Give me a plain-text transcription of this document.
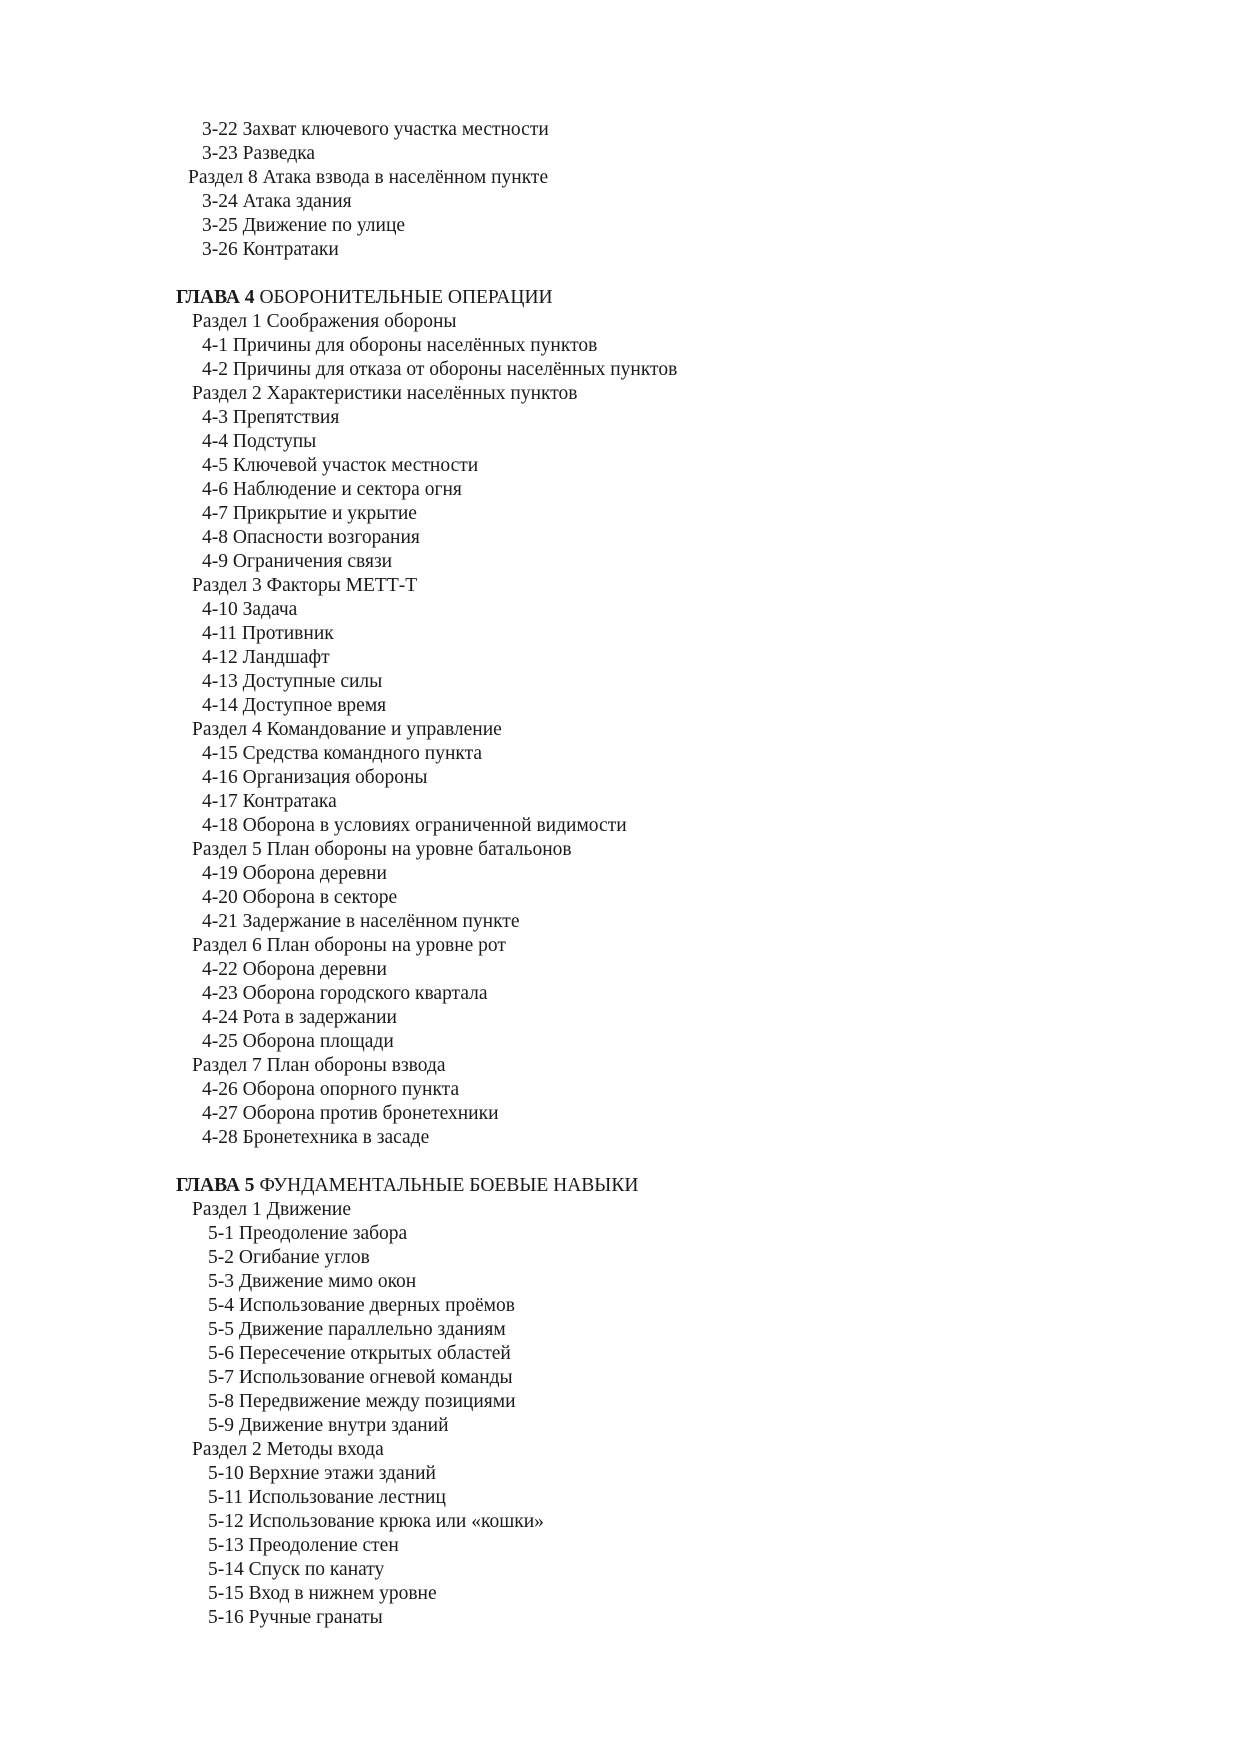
3-22 Захват ключевого участка местности
3-23 Разведка
Раздел 8 Атака взвода в населённом пункте
3-24 Атака здания
3-25 Движение по улице
3-26 Контратаки
ГЛАВА 4 ОБОРОНИТЕЛЬНЫЕ ОПЕРАЦИИ
Раздел 1 Соображения обороны
4-1 Причины для обороны населённых пунктов
4-2 Причины для отказа от обороны населённых пунктов
Раздел 2 Характеристики населённых пунктов
4-3 Препятствия
4-4 Подступы
4-5 Ключевой участок местности
4-6 Наблюдение и сектора огня
4-7 Прикрытие и укрытие
4-8 Опасности возгорания
4-9 Ограничения связи
Раздел 3 Факторы МЕТТ-Т
4-10 Задача
4-11 Противник
4-12 Ландшафт
4-13 Доступные силы
4-14 Доступное время
Раздел 4 Командование и управление
4-15 Средства командного пункта
4-16 Организация обороны
4-17 Контратака
4-18 Оборона в условиях ограниченной видимости
Раздел 5 План обороны на уровне батальонов
4-19 Оборона деревни
4-20 Оборона в секторе
4-21 Задержание в населённом пункте
Раздел 6 План обороны на уровне рот
4-22 Оборона деревни
4-23 Оборона городского квартала
4-24 Рота в задержании
4-25 Оборона площади
Раздел 7 План обороны взвода
4-26 Оборона опорного пункта
4-27 Оборона против бронетехники
4-28 Бронетехника в засаде
ГЛАВА 5 ФУНДАМЕНТАЛЬНЫЕ БОЕВЫЕ НАВЫКИ
Раздел 1 Движение
5-1 Преодоление забора
5-2 Огибание углов
5-3 Движение мимо окон
5-4 Использование дверных проёмов
5-5 Движение параллельно зданиям
5-6 Пересечение открытых областей
5-7 Использование огневой команды
5-8 Передвижение между позициями
5-9 Движение внутри зданий
Раздел 2 Методы входа
5-10 Верхние этажи зданий
5-11 Использование лестниц
5-12 Использование крюка или «кошки»
5-13 Преодоление стен
5-14 Спуск по канату
5-15 Вход в нижнем уровне
5-16 Ручные гранаты
